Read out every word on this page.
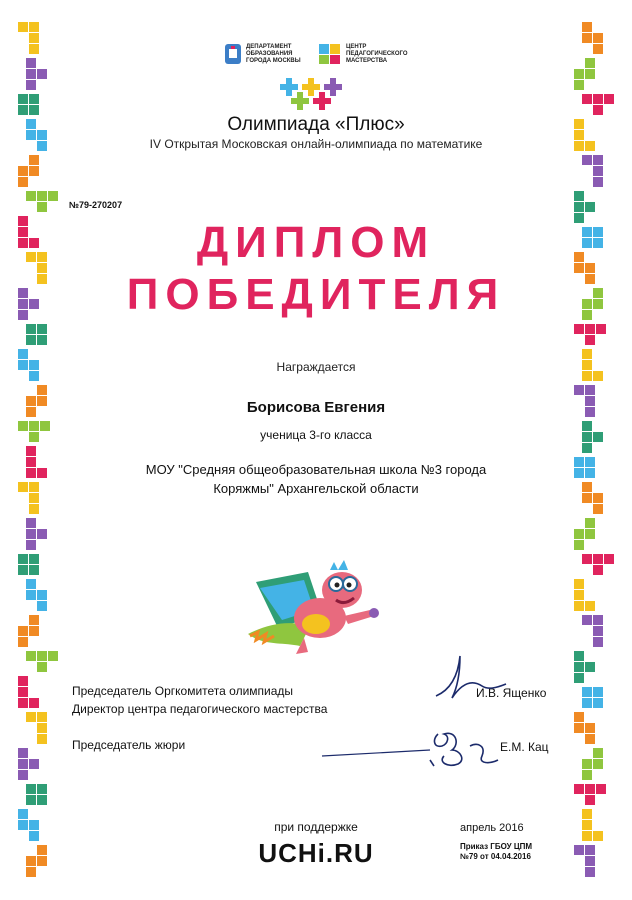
ДЕПАРТАМЕНТ
ОБРАЗОВАНИЯ
ГОРОДА МОСКВЫ
ЦЕНТР
ПЕДАГОГИЧЕСКОГО
МАСТЕРСТВА
Олимпиада «Плюс»
IV Открытая Московская онлайн-олимпиада по математике
№79-270207
ДИПЛОМ
ПОБЕДИТЕЛЯ
Награждается
Борисова Евгения
ученица 3-го класса
МОУ "Средняя общеобразовательная школа №3 города
Коряжмы" Архангельской области
Председатель Оргкомитета олимпиады
Директор центра педагогического мастерства
И.В. Ященко
Председатель жюри	Е.М. Кац
при поддержке
UCHi.RU
апрель 2016
Приказ ГБОУ ЦПМ
№79 от 04.04.2016
